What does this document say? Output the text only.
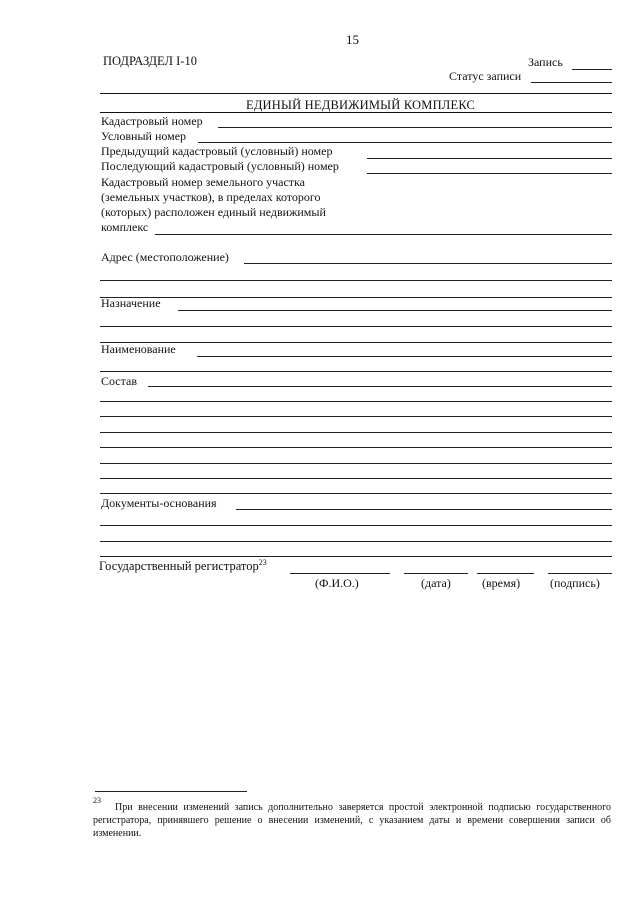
15
ПОДРАЗДЕЛ I-10	Запись
Статус записи
ЕДИНЫЙ НЕДВИЖИМЫЙ КОМПЛЕКС
Кадастровый номер
Условный номер
Предыдущий кадастровый (условный) номер
Последующий кадастровый (условный) номер
Кадастровый номер земельного участка
(земельных участков), в пределах которого
(которых) расположен единый недвижимый
комплекс
Адрес (местоположение)
Назначение
Наименование
Состав
Документы-основания
Государственный регистратор$^{23}$
(Ф.И.О.)	(дата)	(время) (подпись)
23
При внесении изменений запись дополнительно заверяется простой электронной подписью государственного регистратора, принявшего решение о внесении изменений, с указанием даты и времени совершения записи об изменении.
